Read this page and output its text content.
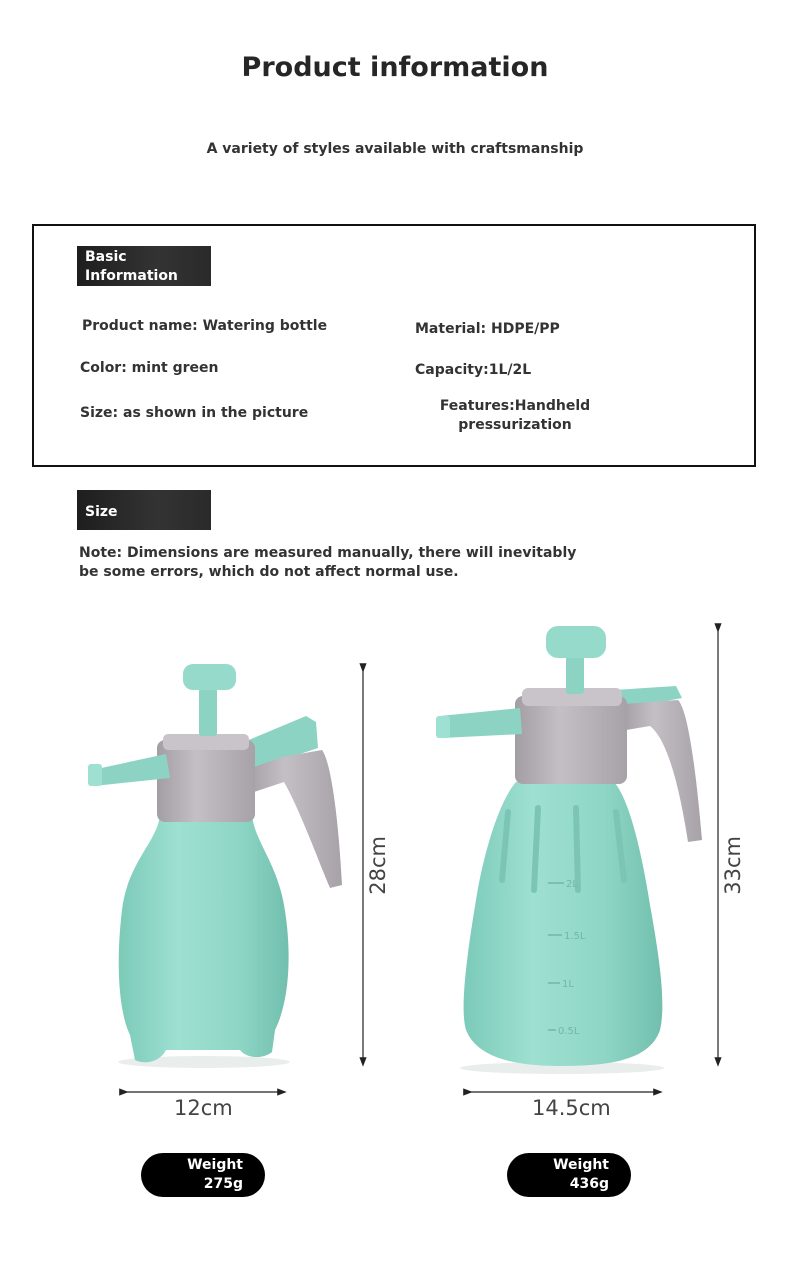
Product information
A variety of styles available with craftsmanship
Basic
Information
Product name: Watering bottle	Material: HDPE/PP
Color: mint green	Capacity:1L/2L
Size: as shown in the picture	Features:Handheld
pressurization
Size
Note: Dimensions are measured manually, there will inevitably
be some errors, which do not affect normal use.
2L
1.5L
1L
0.5L
28cm
12cm
33cm
14.5cm
Weight
275g
Weight
436g
